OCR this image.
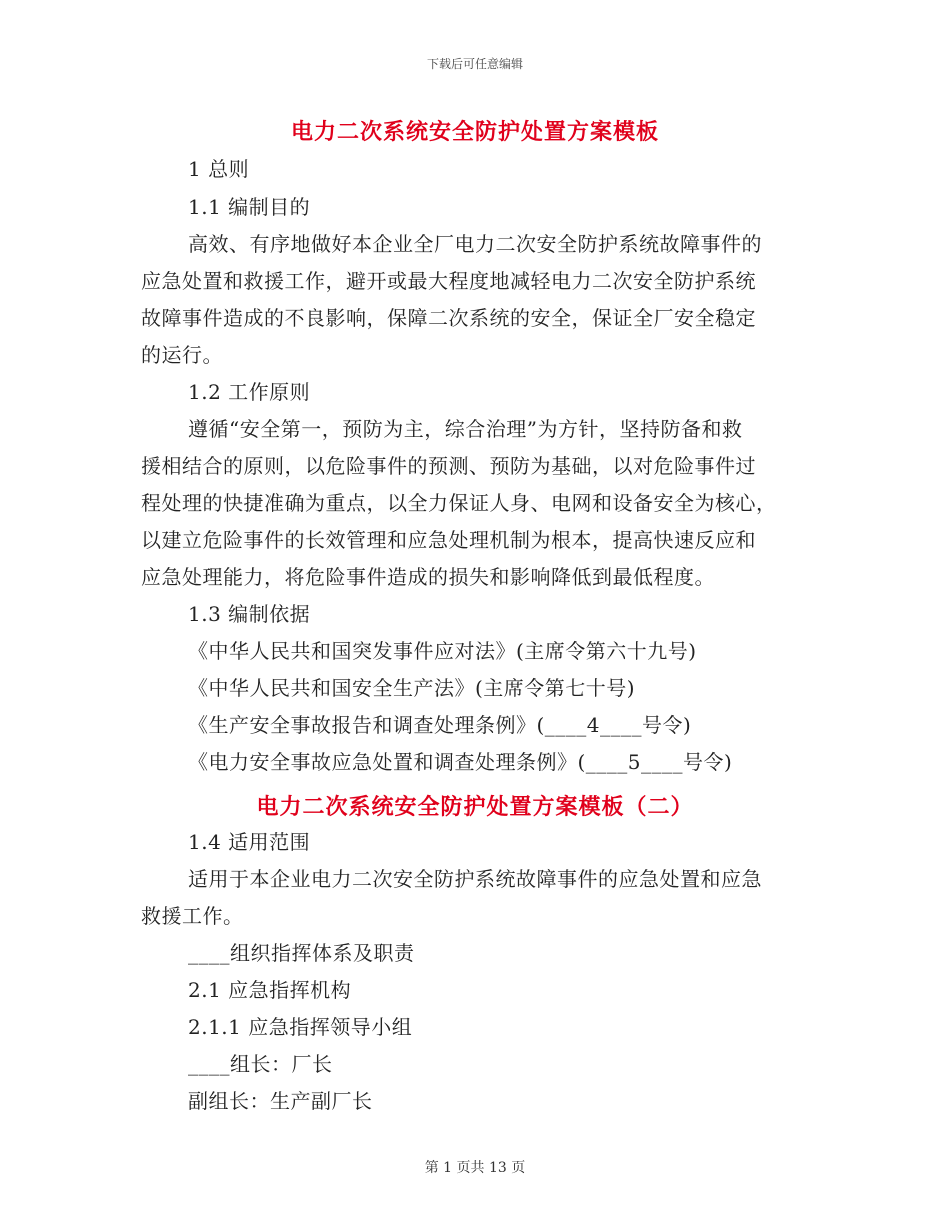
下载后可任意编辑
电力二次系统安全防护处置方案模板
1 总则
1.1 编制目的
高效、有序地做好本企业全厂电力二次安全防护系统故障事件的
应急处置和救援工作，避开或最大程度地减轻电力二次安全防护系统
故障事件造成的不良影响，保障二次系统的安全，保证全厂安全稳定
的运行。
1.2 工作原则
遵循“安全第一，预防为主，综合治理”为方针，坚持防备和救
援相结合的原则，以危险事件的预测、预防为基础，以对危险事件过
程处理的快捷准确为重点，以全力保证人身、电网和设备安全为核心，
以建立危险事件的长效管理和应急处理机制为根本，提高快速反应和
应急处理能力，将危险事件造成的损失和影响降低到最低程度。
1.3 编制依据
《中华人民共和国突发事件应对法》(主席令第六十九号)
《中华人民共和国安全生产法》(主席令第七十号)
《生产安全事故报告和调查处理条例》(____4____号令)
《电力安全事故应急处置和调查处理条例》(____5____号令)
电力二次系统安全防护处置方案模板（二）
1.4 适用范围
适用于本企业电力二次安全防护系统故障事件的应急处置和应急
救援工作。
____组织指挥体系及职责
2.1 应急指挥机构
2.1.1 应急指挥领导小组
____组长：厂长
副组长：生产副厂长
第 1 页共 13 页
